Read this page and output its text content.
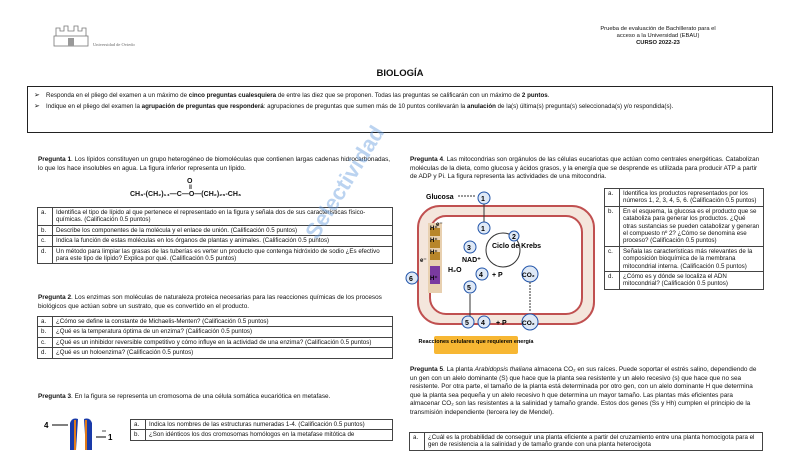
Universidad de Oviedo
Prueba de evaluación de Bachillerato para el
acceso a la Universidad (EBAU)
CURSO 2022-23
BIOLOGÍA
➢ Responda en el pliego del examen a un máximo de cinco preguntas cualesquiera de entre las diez que se proponen. Todas las preguntas se calificarán con un máximo de 2 puntos.
➢ Indique en el pliego del examen la agrupación de preguntas que responderá: agrupaciones de preguntas que sumen más de 10 puntos conllevarán la anulación de la(s) última(s) pregunta(s) seleccionada(s) y/o respondida(s).
Pregunta 1. Los lípidos constituyen un grupo heterogéneo de biomoléculas que contienen largas cadenas hidrocarbonadas, lo que los hace insolubles en agua. La figura inferior representa un lípido.
O
‖
CH₃-(CH₂)₁₄—C—O—(CH₂)₂₉-CH₃
a.	Identifica el tipo de lípido al que pertenece el representado en la figura y señala dos de sus características físico-químicas. (Calificación 0.5 puntos)
b.	Describe los componentes de la molécula y el enlace de unión. (Calificación 0.5 puntos)
c.	Indica la función de estas moléculas en los órganos de plantas y animales. (Calificación 0.5 puntos)
d.	Un método para limpiar las grasas de las tuberías es verter un producto que contenga hidróxido de sodio ¿Es efectivo para este tipo de lípido? Explica por qué. (Calificación 0.5 puntos)
Pregunta 2. Los enzimas son moléculas de naturaleza proteica necesarias para las reacciones químicas de los procesos biológicos que actúan sobre un sustrato, que es convertido en el producto.
a.	¿Cómo se define la constante de Michaelis-Menten? (Calificación 0.5 puntos)
b.	¿Qué es la temperatura óptima de un enzima? (Calificación 0.5 puntos)
c.	¿Qué es un inhibidor reversible competitivo y cómo influye en la actividad de una enzima? (Calificación 0.5 puntos)
d.	¿Qué es un holoenzima? (Calificación 0.5 puntos)
Pregunta 3. En la figura se representa un cromosoma de una célula somática eucariótica en metafase.
4
1
a.	Indica los nombres de las estructuras numeradas 1-4. (Calificación 0.5 puntos)
b.	¿Son idénticos los dos cromosomas homólogos en la metafase mitótica de
Pregunta 4. Las mitocondrias son orgánulos de las células eucariotas que actúan como centrales energéticas. Catabolizan moléculas de la dieta, como glucosa y ácidos grasos, y la energía que se desprende es utilizada para producir ATP a partir de ADP y Pi. La figura representa las actividades de una mitocondria.
1
Glucosa
1
Ciclo de Krebs
2
3
NAD⁺
H₂O
4 + P
5
CO₂
H⁺
H⁺
H⁺
H⁺
e⁻
e⁻
6
5 4 + P CO₂
Reacciones celulares que requieren energía
a.	Identifica los productos representados por los números 1, 2, 3, 4, 5, 6. (Calificación 0.5 puntos)
b.	En el esquema, la glucosa es el producto que se cataboliza para generar los productos. ¿Qué otras sustancias se pueden catabolizar y generan el compuesto nº 2? ¿Cómo se denomina ese proceso? (Calificación 0.5 puntos)
c.	Señala las características más relevantes de la composición bioquímica de la membrana mitocondrial interna. (Calificación 0.5 puntos)
d.	¿Cómo es y dónde se localiza el ADN mitocondrial? (Calificación 0.5 puntos)
Pregunta 5. La planta Arabidopsis thaliana almacena CO₂ en sus raíces. Puede soportar el estrés salino, dependiendo de un gen con un alelo dominante (S) que hace que la planta sea resistente y un alelo recesivo (s) que hace que no sea resistente. Por otra parte, el tamaño de la planta está determinada por otro gen, con un alelo dominante H que determina que la planta sea pequeña y un alelo recesivo h que determina un mayor tamaño. Las plantas más eficientes para almacenar CO₂ son las resistentes a la salinidad y tamaño grande. Estos dos genes (Ss y Hh) cumplen el principio de la transmisión independiente (tercera ley de Mendel).
a.	¿Cuál es la probabilidad de conseguir una planta eficiente a partir del cruzamiento entre una planta homocigota para el gen de resistencia a la salinidad y de tamaño grande con una planta heterocigota
Selectividad
